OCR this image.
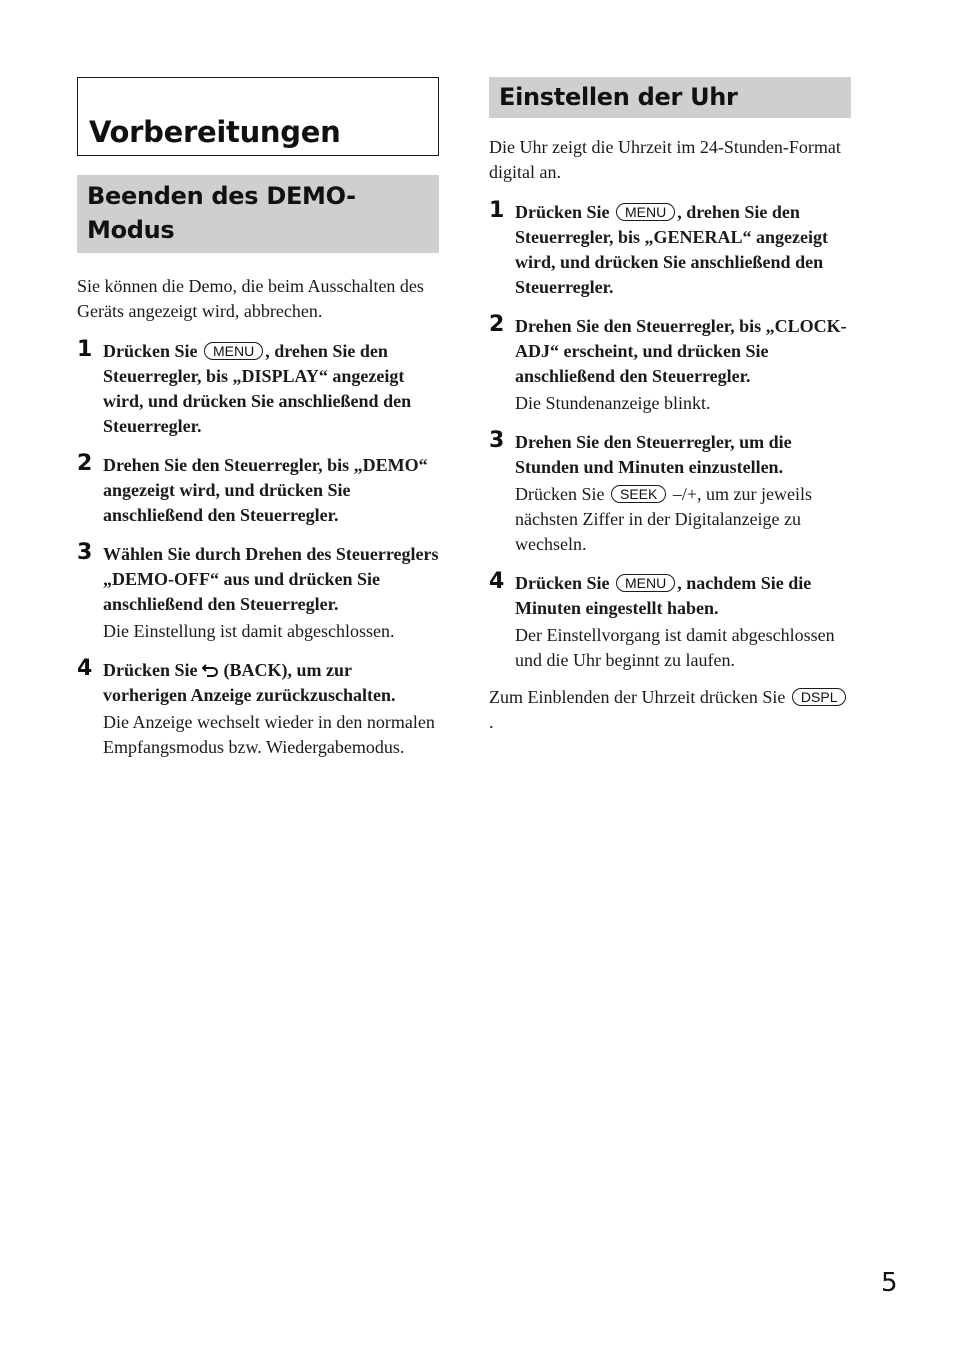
Vorbereitungen
Beenden des DEMO-Modus

Sie können die Demo, die beim Ausschalten des Geräts angezeigt wird, abbrechen.

1 Drücken Sie MENU , drehen Sie den Steuerregler, bis „DISPLAY“ angezeigt wird, und drücken Sie anschließend den Steuerregler.

2 Drehen Sie den Steuerregler, bis „DEMO“ angezeigt wird, und drücken Sie anschließend den Steuerregler.

3 Wählen Sie durch Drehen des Steuerreglers „DEMO-OFF“ aus und drücken Sie anschließend den Steuerregler.

Die Einstellung ist damit abgeschlossen.

4 Drücken Sie (BACK), um zur vorherigen Anzeige zurückzuschalten.

Die Anzeige wechselt wieder in den normalen Empfangsmodus bzw. Wiedergabemodus.

Einstellen der Uhr

Die Uhr zeigt die Uhrzeit im 24-Stunden-Format digital an.

1 Drücken Sie MENU , drehen Sie den Steuerregler, bis „GENERAL“ angezeigt wird, und drücken Sie anschließend den Steuerregler.

2 Drehen Sie den Steuerregler, bis „CLOCK-ADJ“ erscheint, und drücken Sie anschließend den Steuerregler.

Die Stundenanzeige blinkt.

3 Drehen Sie den Steuerregler, um die Stunden und Minuten einzustellen.

Drücken Sie SEEK –/+, um zur jeweils nächsten Ziffer in der Digitalanzeige zu wechseln.

4 Drücken Sie MENU , nachdem Sie die Minuten eingestellt haben.

Der Einstellvorgang ist damit abgeschlossen und die Uhr beginnt zu laufen.

Zum Einblenden der Uhrzeit drücken Sie DSPL.

5
